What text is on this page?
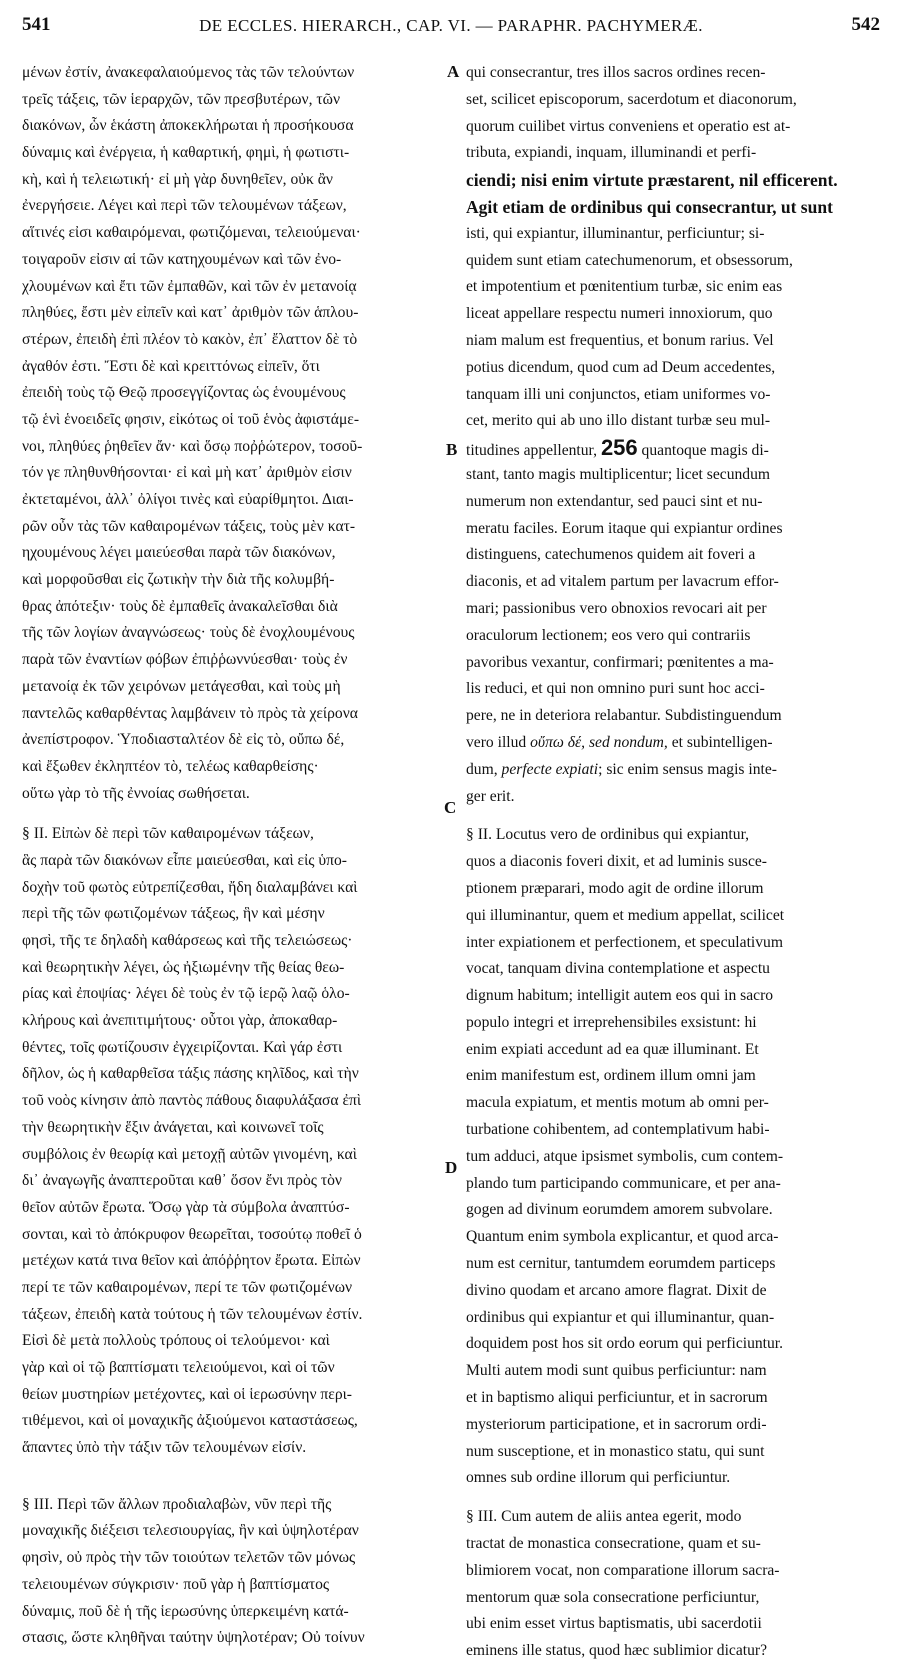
541	DE ECCLES. HIERARCH., CAP. VI. — PARAPHR. PACHYMERÆ.	542
A
B
C
D
μένων ἐστίν, ἀνακεφαλαιούμενος τὰς τῶν τελούντων
τρεῖς τάξεις, τῶν ἱεραρχῶν, τῶν πρεσβυτέρων, τῶν
διακόνων, ὧν ἑκάστη ἀποκεκλήρωται ἡ προσήκουσα
δύναμις καὶ ἐνέργεια, ἡ καθαρτική, φημὶ, ἡ φωτιστι-
κὴ, καὶ ἡ τελειωτική· εἰ μὴ γὰρ δυνηθεῖεν, οὐκ ἂν
ἐνεργήσειε. Λέγει καὶ περὶ τῶν τελουμένων τάξεων,
αἵτινές εἰσι καθαιρόμεναι, φωτιζόμεναι, τελειούμεναι·
τοιγαροῦν εἰσιν αἱ τῶν κατηχουμένων καὶ τῶν ἐνο-
χλουμένων καὶ ἔτι τῶν ἐμπαθῶν, καὶ τῶν ἐν μετανοίᾳ
πληθύες, ἔστι μὲν εἰπεῖν καὶ κατ᾽ ἀριθμὸν τῶν ἁπλου-
στέρων, ἐπειδὴ ἐπὶ πλέον τὸ κακὸν, ἐπ᾽ ἔλαττον δὲ τὸ
ἀγαθόν ἐστι. Ἔστι δὲ καὶ κρειττόνως εἰπεῖν, ὅτι
ἐπειδὴ τοὺς τῷ Θεῷ προσεγγίζοντας ὡς ἑνουμένους
τῷ ἑνὶ ἑνοειδεῖς φησιν, εἰκότως οἱ τοῦ ἑνὸς ἀφιστάμε-
νοι, πληθύες ῥηθεῖεν ἄν· καὶ ὅσῳ ποῤῥώτερον, τοσοῦ-
τόν γε πληθυνθήσονται· εἰ καὶ μὴ κατ᾽ ἀριθμὸν εἰσιν
ἐκτεταμένοι, ἀλλ᾽ ὀλίγοι τινὲς καὶ εὐαρίθμητοι. Διαι-
ρῶν οὖν τὰς τῶν καθαιρομένων τάξεις, τοὺς μὲν κατ-
ηχουμένους λέγει μαιεύεσθαι παρὰ τῶν διακόνων,
καὶ μορφοῦσθαι εἰς ζωτικὴν τὴν διὰ τῆς κολυμβή-
θρας ἀπότεξιν· τοὺς δὲ ἐμπαθεῖς ἀνακαλεῖσθαι διὰ
τῆς τῶν λογίων ἀναγνώσεως· τοὺς δὲ ἐνοχλουμένους
παρὰ τῶν ἐναντίων φόβων ἐπιῤῥωννύεσθαι· τοὺς ἐν
μετανοίᾳ ἐκ τῶν χειρόνων μετάγεσθαι, καὶ τοὺς μὴ
παντελῶς καθαρθέντας λαμβάνειν τὸ πρὸς τὰ χείρονα
ἀνεπίστροφον. Ὑποδιασταλτέον δὲ εἰς τὸ, οὔπω δέ,
καὶ ἔξωθεν ἐκληπτέον τὸ, τελέως καθαρθείσης·
οὕτω γὰρ τὸ τῆς ἐννοίας σωθήσεται.
§ II. Εἰπὼν δὲ περὶ τῶν καθαιρομένων τάξεων,
ἃς παρὰ τῶν διακόνων εἶπε μαιεύεσθαι, καὶ εἰς ὑπο-
δοχὴν τοῦ φωτὸς εὐτρεπίζεσθαι, ἤδη διαλαμβάνει καὶ
περὶ τῆς τῶν φωτιζομένων τάξεως, ἣν καὶ μέσην
φησὶ, τῆς τε δηλαδὴ καθάρσεως καὶ τῆς τελειώσεως·
καὶ θεωρητικὴν λέγει, ὡς ἠξιωμένην τῆς θείας θεω-
ρίας καὶ ἐποψίας· λέγει δὲ τοὺς ἐν τῷ ἱερῷ λαῷ ὁλο-
κλήρους καὶ ἀνεπιτιμήτους· οὗτοι γὰρ, ἀποκαθαρ-
θέντες, τοῖς φωτίζουσιν ἐγχειρίζονται. Καὶ γάρ ἐστι
δῆλον, ὡς ἡ καθαρθεῖσα τάξις πάσης κηλῖδος, καὶ τὴν
τοῦ νοὸς κίνησιν ἀπὸ παντὸς πάθους διαφυλάξασα ἐπὶ
τὴν θεωρητικὴν ἕξιν ἀνάγεται, καὶ κοινωνεῖ τοῖς
συμβόλοις ἐν θεωρίᾳ καὶ μετοχῇ αὐτῶν γινομένη, καὶ
δι᾽ ἀναγωγῆς ἀναπτεροῦται καθ᾽ ὅσον ἔνι πρὸς τὸν
θεῖον αὐτῶν ἔρωτα. Ὅσῳ γὰρ τὰ σύμβολα ἀναπτύσ-
σονται, καὶ τὸ ἀπόκρυφον θεωρεῖται, τοσούτῳ ποθεῖ ὁ
μετέχων κατά τινα θεῖον καὶ ἀπόῤῥητον ἔρωτα. Εἰπὼν
περί τε τῶν καθαιρομένων, περί τε τῶν φωτιζομένων
τάξεων, ἐπειδὴ κατὰ τούτους ἡ τῶν τελουμένων ἐστίν.
Εἰσὶ δὲ μετὰ πολλοὺς τρόπους οἱ τελούμενοι· καὶ
γὰρ καὶ οἱ τῷ βαπτίσματι τελειούμενοι, καὶ οἱ τῶν
θείων μυστηρίων μετέχοντες, καὶ οἱ ἱερωσύνην περι-
τιθέμενοι, καὶ οἱ μοναχικῆς ἀξιούμενοι καταστάσεως,
ἅπαντες ὑπὸ τὴν τάξιν τῶν τελουμένων εἰσίν.
§ III. Περὶ τῶν ἄλλων προδιαλαβὼν, νῦν περὶ τῆς
μοναχικῆς διέξεισι τελεσιουργίας, ἣν καὶ ὑψηλοτέραν
φησὶν, οὐ πρὸς τὴν τῶν τοιούτων τελετῶν τῶν μόνως
τελειουμένων σύγκρισιν· ποῦ γὰρ ἡ βαπτίσματος
δύναμις, ποῦ δὲ ἡ τῆς ἱερωσύνης ὑπερκειμένη κατά-
στασις, ὥστε κληθῆναι ταύτην ὑψηλοτέραν; Οὐ τοίνυν
qui consecrantur, tres illos sacros ordines recen-
set, scilicet episcoporum, sacerdotum et diaconorum,
quorum cuilibet virtus conveniens et operatio est at-
tributa, expiandi, inquam, illuminandi et perfi-
ciendi; nisi enim virtute præstarent, nil efficerent.
Agit etiam de ordinibus qui consecrantur, ut sunt
isti, qui expiantur, illuminantur, perficiuntur; si-
quidem sunt etiam catechumenorum, et obsessorum,
et impotentium et pœnitentium turbæ, sic enim eas
liceat appellare respectu numeri innoxiorum, quo
niam malum est frequentius, et bonum rarius. Vel
potius dicendum, quod cum ad Deum accedentes,
tanquam illi uni conjunctos, etiam uniformes vo-
cet, merito qui ab uno illo distant turbæ seu mul-
titudines appellentur, 256 quantoque magis di-
stant, tanto magis multiplicentur; licet secundum
numerum non extendantur, sed pauci sint et nu-
meratu faciles. Eorum itaque qui expiantur ordines
distinguens, catechumenos quidem ait foveri a
diaconis, et ad vitalem partum per lavacrum effor-
mari; passionibus vero obnoxios revocari ait per
oraculorum lectionem; eos vero qui contrariis
pavoribus vexantur, confirmari; pœnitentes a ma-
lis reduci, et qui non omnino puri sunt hoc acci-
pere, ne in deteriora relabantur. Subdistinguendum
vero illud οὔπω δέ, sed nondum, et subintelligen-
dum, perfecte expiati; sic enim sensus magis inte-
ger erit.
§ II. Locutus vero de ordinibus qui expiantur,
quos a diaconis foveri dixit, et ad luminis susce-
ptionem præparari, modo agit de ordine illorum
qui illuminantur, quem et medium appellat, scilicet
inter expiationem et perfectionem, et speculativum
vocat, tanquam divina contemplatione et aspectu
dignum habitum; intelligit autem eos qui in sacro
populo integri et irreprehensibiles exsistunt: hi
enim expiati accedunt ad ea quæ illuminant. Et
enim manifestum est, ordinem illum omni jam
macula expiatum, et mentis motum ab omni per-
turbatione cohibentem, ad contemplativum habi-
tum adduci, atque ipsismet symbolis, cum contem-
plando tum participando communicare, et per ana-
gogen ad divinum eorumdem amorem subvolare.
Quantum enim symbola explicantur, et quod arca-
num est cernitur, tantumdem eorumdem particeps
divino quodam et arcano amore flagrat. Dixit de
ordinibus qui expiantur et qui illuminantur, quan-
doquidem post hos sit ordo eorum qui perficiuntur.
Multi autem modi sunt quibus perficiuntur: nam
et in baptismo aliqui perficiuntur, et in sacrorum
mysteriorum participatione, et in sacrorum ordi-
num susceptione, et in monastico statu, qui sunt
omnes sub ordine illorum qui perficiuntur.
§ III. Cum autem de aliis antea egerit, modo
tractat de monastica consecratione, quam et su-
blimiorem vocat, non comparatione illorum sacra-
mentorum quæ sola consecratione perficiuntur,
ubi enim esset virtus baptismatis, ubi sacerdotii
eminens ille status, quod hæc sublimior dicatur?
